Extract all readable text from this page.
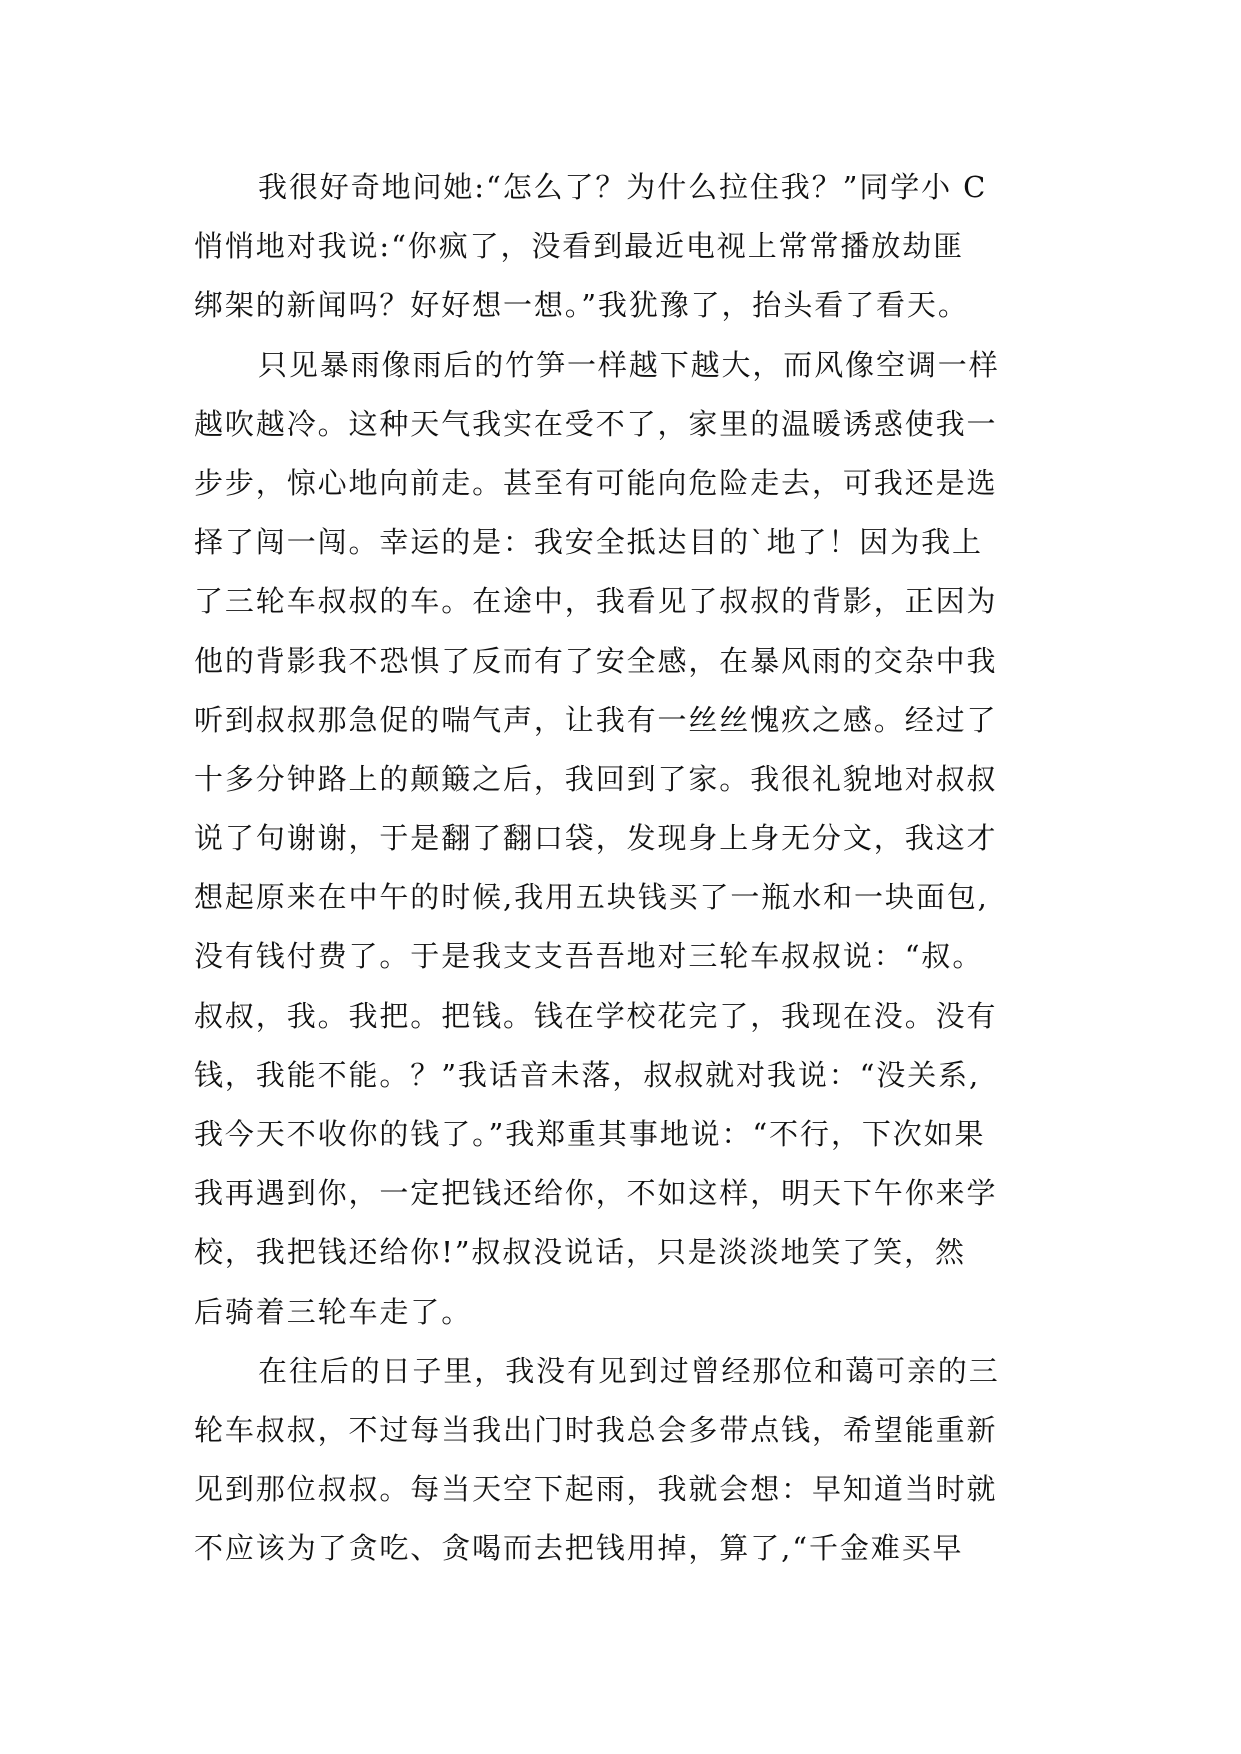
我很好奇地问她:“怎么了？为什么拉住我？”同学小 C
悄悄地对我说:“你疯了，没看到最近电视上常常播放劫匪
绑架的新闻吗？好好想一想。”我犹豫了，抬头看了看天。
只见暴雨像雨后的竹笋一样越下越大，而风像空调一样
越吹越冷。这种天气我实在受不了，家里的温暖诱惑使我一
步步，惊心地向前走。甚至有可能向危险走去，可我还是选
择了闯一闯。幸运的是：我安全抵达目的`地了！因为我上
了三轮车叔叔的车。在途中，我看见了叔叔的背影，正因为
他的背影我不恐惧了反而有了安全感，在暴风雨的交杂中我
听到叔叔那急促的喘气声，让我有一丝丝愧疚之感。经过了
十多分钟路上的颠簸之后，我回到了家。我很礼貌地对叔叔
说了句谢谢，于是翻了翻口袋，发现身上身无分文，我这才
想起原来在中午的时候,我用五块钱买了一瓶水和一块面包,
没有钱付费了。于是我支支吾吾地对三轮车叔叔说：“叔。
叔叔，我。我把。把钱。钱在学校花完了，我现在没。没有
钱，我能不能。？”我话音未落，叔叔就对我说：“没关系,
我今天不收你的钱了。”我郑重其事地说：“不行，下次如果
我再遇到你，一定把钱还给你，不如这样，明天下午你来学
校，我把钱还给你!”叔叔没说话，只是淡淡地笑了笑，然
后骑着三轮车走了。
在往后的日子里，我没有见到过曾经那位和蔼可亲的三
轮车叔叔，不过每当我出门时我总会多带点钱，希望能重新
见到那位叔叔。每当天空下起雨，我就会想：早知道当时就
不应该为了贪吃、贪喝而去把钱用掉，算了,“千金难买早
